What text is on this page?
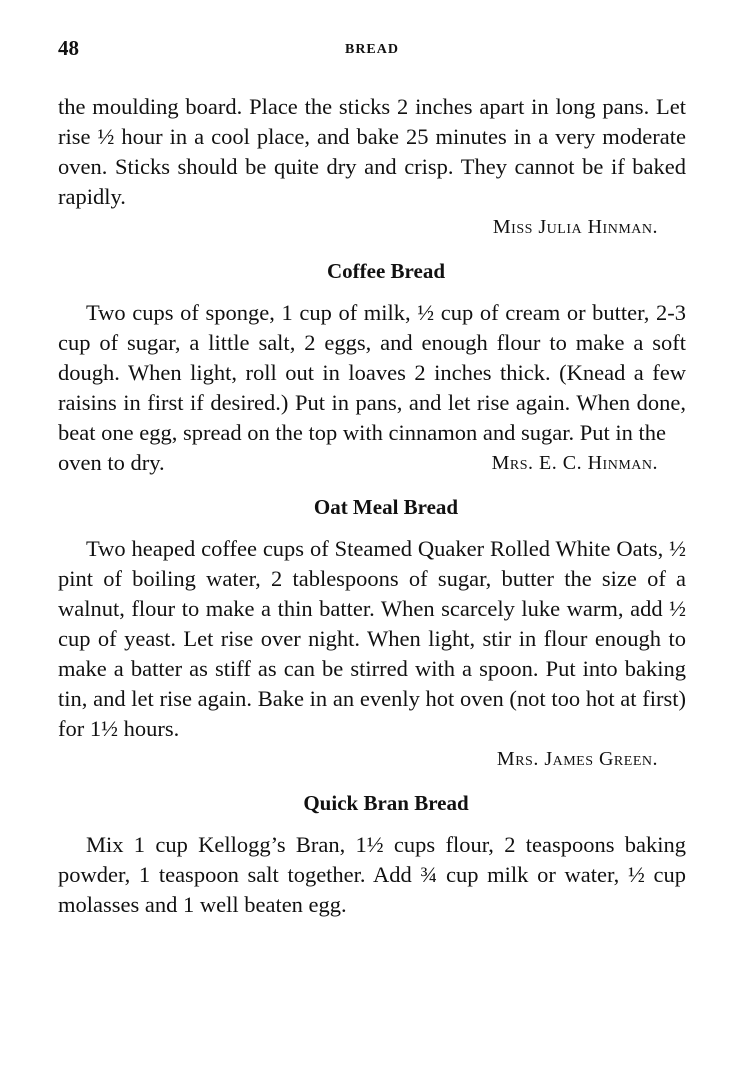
48	BREAD

the moulding board. Place the sticks 2 inches apart in long pans. Let rise ½ hour in a cool place, and bake 25 minutes in a very moderate oven. Sticks should be quite dry and crisp. They cannot be if baked rapidly.

Miss Julia Hinman.

Coffee Bread

Two cups of sponge, 1 cup of milk, ½ cup of cream or butter, 2-3 cup of sugar, a little salt, 2 eggs, and enough flour to make a soft dough. When light, roll out in loaves 2 inches thick. (Knead a few raisins in first if desired.) Put in pans, and let rise again. When done, beat one egg, spread on the top with cinnamon and sugar. Put in the

oven to dry.	Mrs. E. C. Hinman.
Oat Meal Bread

Two heaped coffee cups of Steamed Quaker Rolled White Oats, ½ pint of boiling water, 2 tablespoons of sugar, butter the size of a walnut, flour to make a thin batter. When scarcely luke warm, add ½ cup of yeast. Let rise over night. When light, stir in flour enough to make a batter as stiff as can be stirred with a spoon. Put into baking tin, and let rise again. Bake in an evenly hot oven (not too hot at first) for 1½ hours.

Mrs. James Green.

Quick Bran Bread

Mix 1 cup Kellogg’s Bran, 1½ cups flour, 2 teaspoons baking powder, 1 teaspoon salt together. Add ¾ cup milk or water, ½ cup molasses and 1 well beaten egg.
